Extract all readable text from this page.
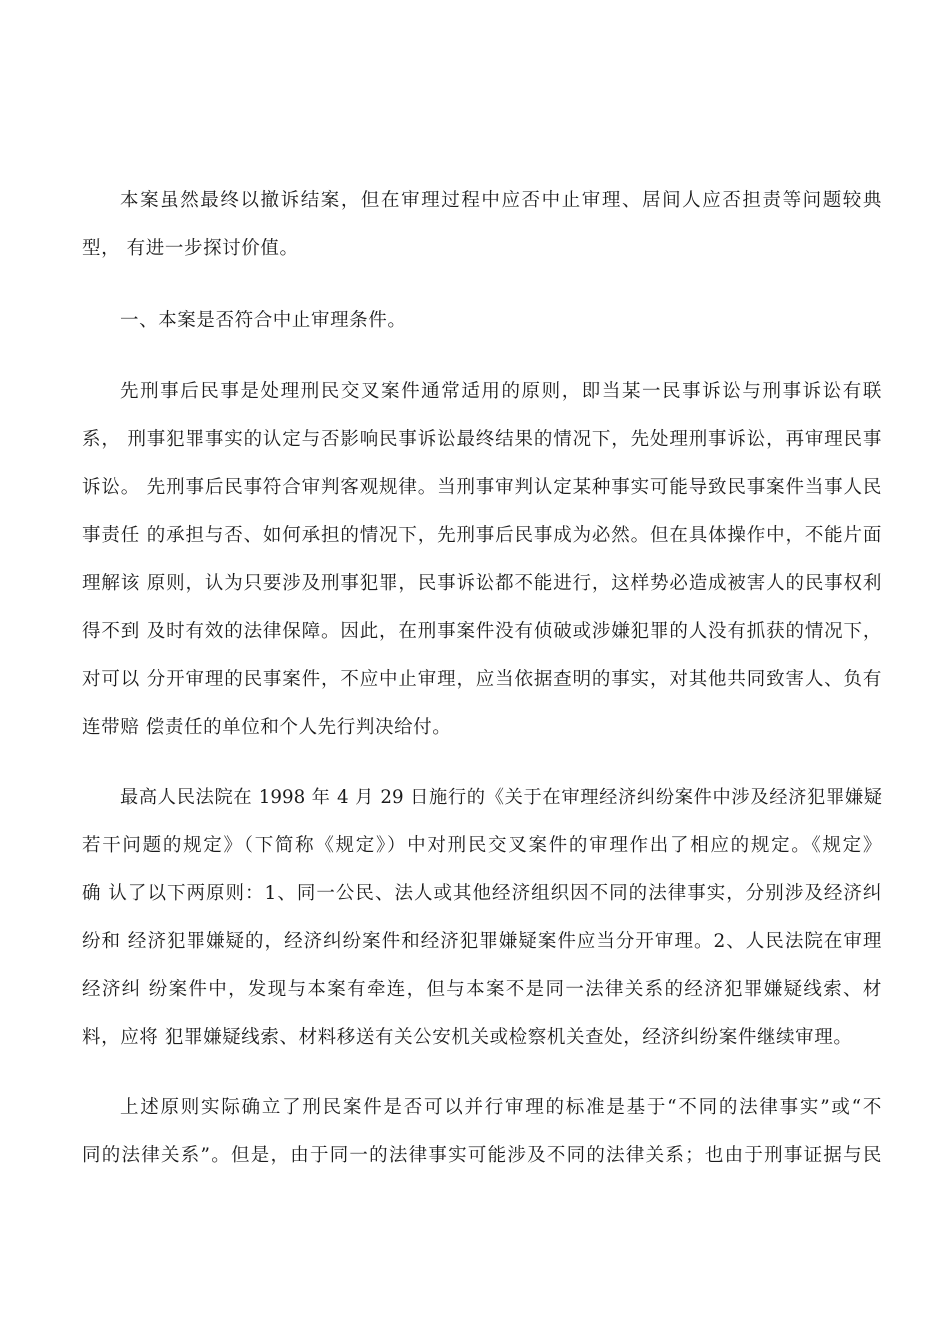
本案虽然最终以撤诉结案，但在审理过程中应否中止审理、居间人应否担责等问题较典
型， 有进一步探讨价值。
一、本案是否符合中止审理条件。
先刑事后民事是处理刑民交叉案件通常适用的原则，即当某一民事诉讼与刑事诉讼有联
系， 刑事犯罪事实的认定与否影响民事诉讼最终结果的情况下，先处理刑事诉讼，再审理民事
诉讼。 先刑事后民事符合审判客观规律。当刑事审判认定某种事实可能导致民事案件当事人民
事责任 的承担与否、如何承担的情况下，先刑事后民事成为必然。但在具体操作中，不能片面
理解该 原则，认为只要涉及刑事犯罪，民事诉讼都不能进行，这样势必造成被害人的民事权利
得不到 及时有效的法律保障。因此，在刑事案件没有侦破或涉嫌犯罪的人没有抓获的情况下，
对可以 分开审理的民事案件，不应中止审理，应当依据查明的事实，对其他共同致害人、负有
连带赔 偿责任的单位和个人先行判决给付。
最高人民法院在 1998 年 4 月 29 日施行的《关于在审理经济纠纷案件中涉及经济犯罪嫌疑
若干问题的规定》（下简称《规定》）中对刑民交叉案件的审理作出了相应的规定。《规定》
确 认了以下两原则：1、同一公民、法人或其他经济组织因不同的法律事实，分别涉及经济纠
纷和 经济犯罪嫌疑的，经济纠纷案件和经济犯罪嫌疑案件应当分开审理。2、人民法院在审理
经济纠 纷案件中，发现与本案有牵连，但与本案不是同一法律关系的经济犯罪嫌疑线索、材
料，应将 犯罪嫌疑线索、材料移送有关公安机关或检察机关查处，经济纠纷案件继续审理。
上述原则实际确立了刑民案件是否可以并行审理的标准是基于“不同的法律事实”或“不
同的法律关系”。但是，由于同一的法律事实可能涉及不同的法律关系；也由于刑事证据与民
